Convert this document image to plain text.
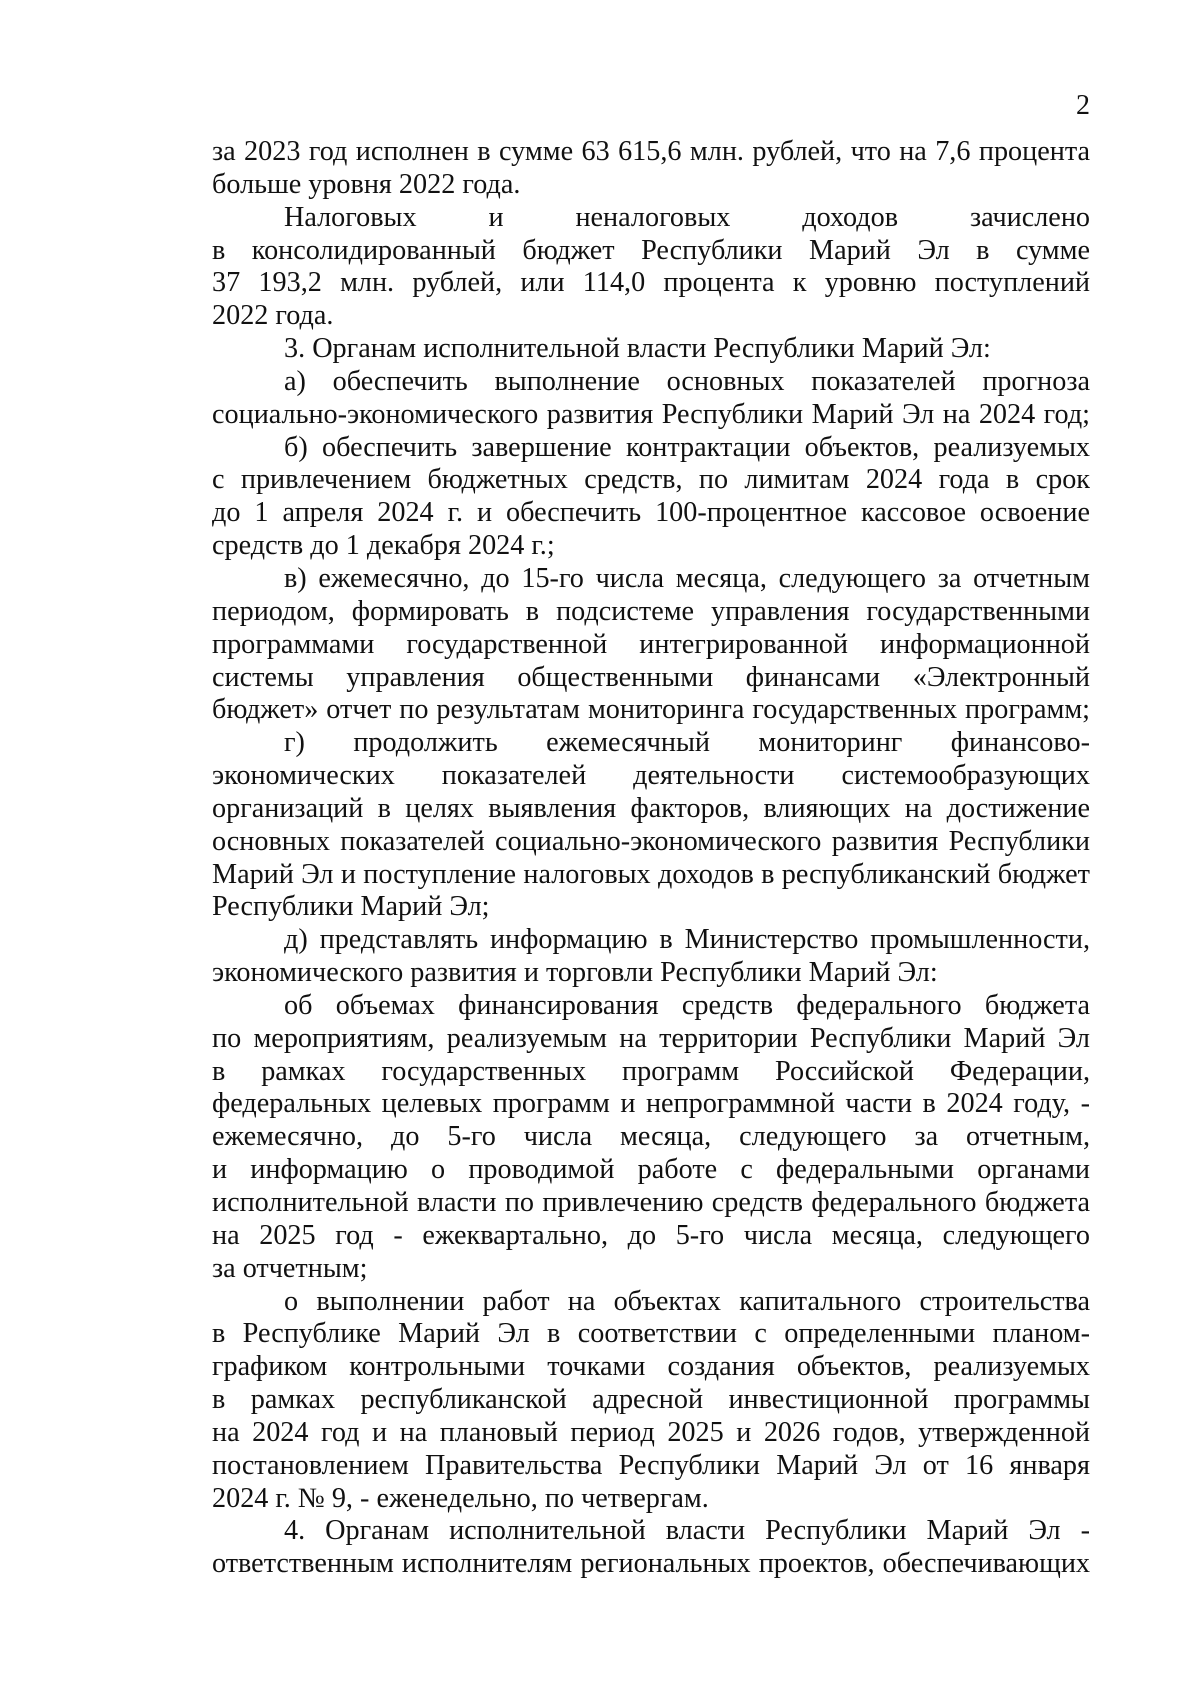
2
за 2023 год исполнен в сумме 63 615,6 млн. рублей, что на 7,6 процента
больше уровня 2022 года.
Налоговых и неналоговых доходов зачислено
в консолидированный бюджет Республики Марий Эл в сумме
37 193,2 млн. рублей, или 114,0 процента к уровню поступлений
2022 года.
3. Органам исполнительной власти Республики Марий Эл:
а) обеспечить выполнение основных показателей прогноза
социально-экономического развития Республики Марий Эл на 2024 год;
б) обеспечить завершение контрактации объектов, реализуемых
с привлечением бюджетных средств, по лимитам 2024 года в срок
до 1 апреля 2024 г. и обеспечить 100-процентное кассовое освоение
средств до 1 декабря 2024 г.;
в) ежемесячно, до 15-го числа месяца, следующего за отчетным
периодом, формировать в подсистеме управления государственными
программами государственной интегрированной информационной
системы управления общественными финансами «Электронный
бюджет» отчет по результатам мониторинга государственных программ;
г) продолжить ежемесячный мониторинг финансово-
экономических показателей деятельности системообразующих
организаций в целях выявления факторов, влияющих на достижение
основных показателей социально-экономического развития Республики
Марий Эл и поступление налоговых доходов в республиканский бюджет
Республики Марий Эл;
д) представлять информацию в Министерство промышленности,
экономического развития и торговли Республики Марий Эл:
об объемах финансирования средств федерального бюджета
по мероприятиям, реализуемым на территории Республики Марий Эл
в рамках государственных программ Российской Федерации,
федеральных целевых программ и непрограммной части в 2024 году, -
ежемесячно, до 5-го числа месяца, следующего за отчетным,
и информацию о проводимой работе с федеральными органами
исполнительной власти по привлечению средств федерального бюджета
на 2025 год - ежеквартально, до 5-го числа месяца, следующего
за отчетным;
о выполнении работ на объектах капитального строительства
в Республике Марий Эл в соответствии с определенными планом-
графиком контрольными точками создания объектов, реализуемых
в рамках республиканской адресной инвестиционной программы
на 2024 год и на плановый период 2025 и 2026 годов, утвержденной
постановлением Правительства Республики Марий Эл от 16 января
2024 г. № 9, - еженедельно, по четвергам.
4. Органам исполнительной власти Республики Марий Эл -
ответственным исполнителям региональных проектов, обеспечивающих
